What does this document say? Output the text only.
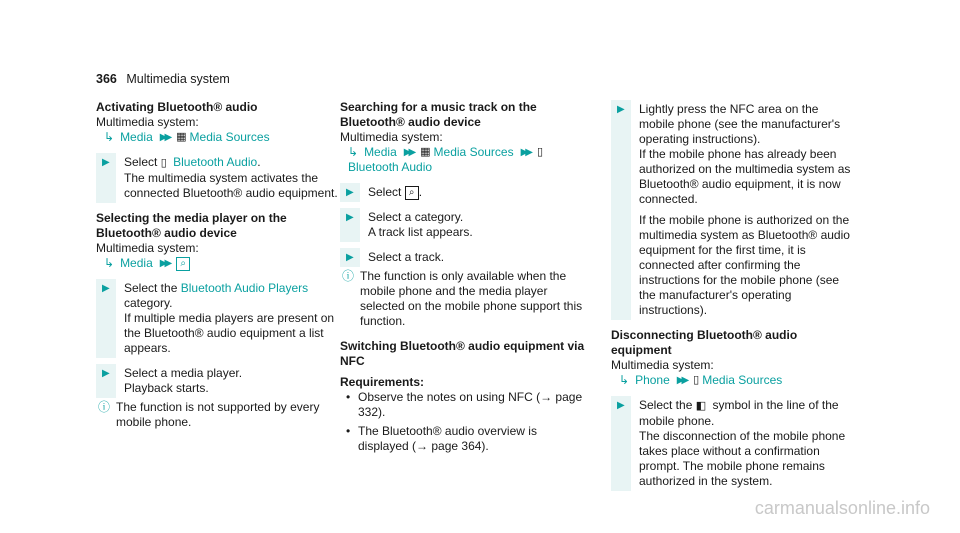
366 Multimedia system
Activating Bluetooth® audio
Multimedia system:
↳ Media ▶▶ ▦ Media Sources
▶ Select ▯ Bluetooth Audio.
The multimedia system activates the connected Bluetooth® audio equipment.
Selecting the media player on the Bluetooth® audio device
Multimedia system:
↳ Media ▶▶	⌕
▶ Select the Bluetooth Audio Players category.
If multiple media players are present on the Bluetooth® audio equipment a list appears.
▶ Select a media player.
Playback starts.
ⓘ The function is not supported by every mobile phone.
Searching for a music track on the Bluetooth® audio device
Multimedia system:
↳ Media ▶▶ ▦ Media Sources ▶▶ ▯
Bluetooth Audio
▶ Select ⌕ .
▶ Select a category.
A track list appears.
▶ Select a track.
ⓘ The function is only available when the mobile phone and the media player selected on the mobile phone support this function.
Switching Bluetooth® audio equipment via NFC
Requirements:
• Observe the notes on using NFC (→ page 332).
• The Bluetooth® audio overview is displayed (→ page 364).
▶ Lightly press the NFC area on the mobile phone (see the manufacturer's operating instructions).
If the mobile phone has already been authorized on the multimedia system as Bluetooth® audio equipment, it is now connected.
If the mobile phone is authorized on the multimedia system as Bluetooth® audio equipment for the first time, it is connected after confirming the instructions for the mobile phone (see the manufacturer's operating instructions).
Disconnecting Bluetooth® audio equipment
Multimedia system:
↳ Phone ▶▶ ▯ Media Sources
▶ Select the ◧ symbol in the line of the mobile phone.
The disconnection of the mobile phone takes place without a confirmation prompt. The mobile phone remains authorized in the system.
carmanualsonline.info
